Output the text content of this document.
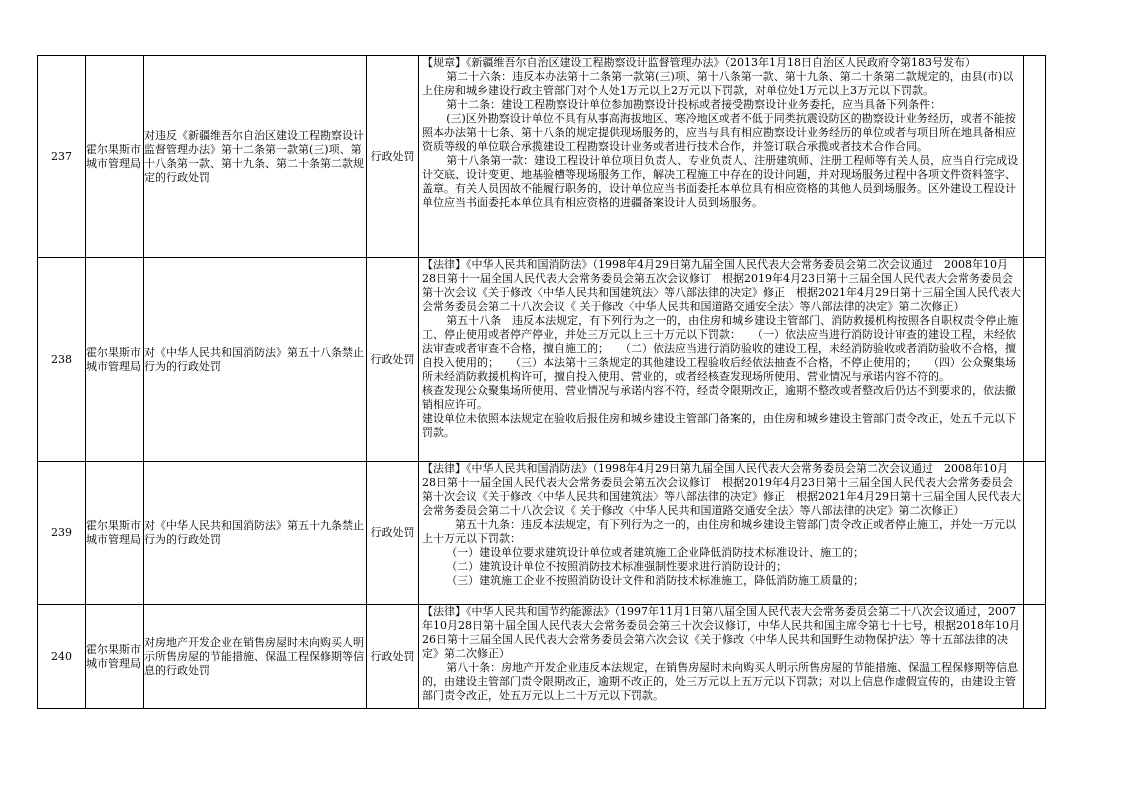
237	霍尔果斯市城市管理局	对违反《新疆维吾尔自治区建设工程勘察设计监督管理办法》第十二条第一款第(三)项、第十八条第一款、第十九条、第二十条第二款规定的行政处罚	行政处罚	【规章】《新疆维吾尔自治区建设工程勘察设计监督管理办法》（2013年1月18日自治区人民政府令第183号发布）

第二十六条：违反本办法第十二条第一款第(三)项、第十八条第一款、第十九条、第二十条第二款规定的，由县(市)以上住房和城乡建设行政主管部门对个人处1万元以上2万元以下罚款，对单位处1万元以上3万元以下罚款。

第十二条：建设工程勘察设计单位参加勘察设计投标或者接受勘察设计业务委托，应当具备下列条件：

(三)区外勘察设计单位不具有从事高海拔地区、寒冷地区或者不低于同类抗震设防区的勘察设计业务经历，或者不能按照本办法第十七条、第十八条的规定提供现场服务的，应当与具有相应勘察设计业务经历的单位或者与项目所在地具备相应资质等级的单位联合承揽建设工程勘察设计业务或者进行技术合作，并签订联合承揽或者技术合作合同。

第十八条第一款：建设工程设计单位项目负责人、专业负责人、注册建筑师、注册工程师等有关人员，应当自行完成设计交底、设计变更、地基验槽等现场服务工作，解决工程施工中存在的设计问题，并对现场服务过程中各项文件资料签字、盖章。有关人员因故不能履行职务的，设计单位应当书面委托本单位具有相应资格的其他人员到场服务。区外建设工程设计单位应当书面委托本单位具有相应资格的进疆备案设计人员到场服务。	

238	霍尔果斯市城市管理局	对《中华人民共和国消防法》第五十八条禁止行为的行政处罚	行政处罚	【法律】《中华人民共和国消防法》（1998年4月29日第九届全国人民代表大会常务委员会第二次会议通过　2008年10月28日第十一届全国人民代表大会常务委员会第五次会议修订　根据2019年4月23日第十三届全国人民代表大会常务委员会第十次会议《关于修改〈中华人民共和国建筑法〉等八部法律的决定》修正　根据2021年4月29日第十三届全国人民代表大会常务委员会第二十八次会议《 关于修改〈中华人民共和国道路交通安全法〉等八部法律的决定》第二次修正）

第五十八条　违反本法规定，有下列行为之一的，由住房和城乡建设主管部门、消防救援机构按照各自职权责令停止施工、停止使用或者停产停业，并处三万元以上三十万元以下罚款：　　（一）依法应当进行消防设计审查的建设工程，未经依法审查或者审查不合格，擅自施工的；　　（二）依法应当进行消防验收的建设工程，未经消防验收或者消防验收不合格，擅自投入使用的；　　（三）本法第十三条规定的其他建设工程验收后经依法抽查不合格，不停止使用的；　　（四）公众聚集场所未经消防救援机构许可，擅自投入使用、营业的，或者经核查发现场所使用、营业情况与承诺内容不符的。

核查发现公众聚集场所使用、营业情况与承诺内容不符，经责令限期改正，逾期不整改或者整改后仍达不到要求的，依法撤销相应许可。

建设单位未依照本法规定在验收后报住房和城乡建设主管部门备案的，由住房和城乡建设主管部门责令改正，处五千元以下罚款。	

239	霍尔果斯市城市管理局	对《中华人民共和国消防法》第五十九条禁止行为的行政处罚	行政处罚	【法律】《中华人民共和国消防法》（1998年4月29日第九届全国人民代表大会常务委员会第二次会议通过　2008年10月28日第十一届全国人民代表大会常务委员会第五次会议修订　根据2019年4月23日第十三届全国人民代表大会常务委员会第十次会议《关于修改〈中华人民共和国建筑法〉等八部法律的决定》修正　根据2021年4月29日第十三届全国人民代表大会常务委员会第二十八次会议《 关于修改〈中华人民共和国道路交通安全法〉等八部法律的决定》第二次修正）

第五十九条：违反本法规定，有下列行为之一的，由住房和城乡建设主管部门责令改正或者停止施工，并处一万元以上十万元以下罚款：

（一）建设单位要求建筑设计单位或者建筑施工企业降低消防技术标准设计、施工的；

（二）建筑设计单位不按照消防技术标准强制性要求进行消防设计的；

（三）建筑施工企业不按照消防设计文件和消防技术标准施工，降低消防施工质量的；	

240	霍尔果斯市城市管理局	对房地产开发企业在销售房屋时未向购买人明示所售房屋的节能措施、保温工程保修期等信息的行政处罚	行政处罚	【法律】《中华人民共和国节约能源法》（1997年11月1日第八届全国人民代表大会常务委员会第二十八次会议通过，2007年10月28日第十届全国人民代表大会常务委员会第三十次会议修订，中华人民共和国主席令第七十七号，根据2018年10月26日第十三届全国人民代表大会常务委员会第六次会议《关于修改〈中华人民共和国野生动物保护法〉等十五部法律的决定》第二次修正）

第八十条：房地产开发企业违反本法规定，在销售房屋时未向购买人明示所售房屋的节能措施、保温工程保修期等信息的，由建设主管部门责令限期改正，逾期不改正的，处三万元以上五万元以下罚款；对以上信息作虚假宣传的，由建设主管部门责令改正，处五万元以上二十万元以下罚款。	
